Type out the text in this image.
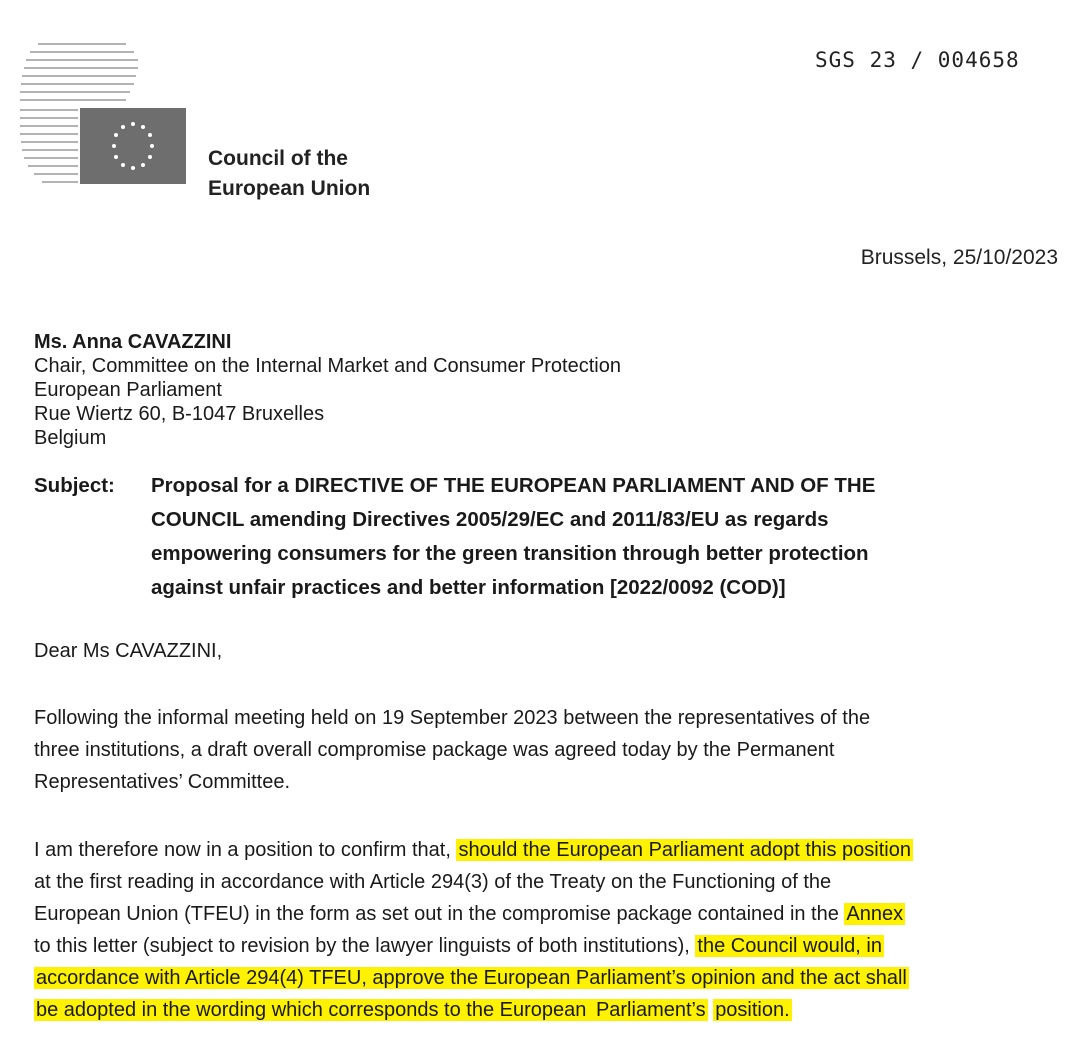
Council of the
European Union
SGS 23 / 004658
Brussels, 25/10/2023
Ms. Anna CAVAZZINI
Chair, Committee on the Internal Market and Consumer Protection
European Parliament
Rue Wiertz 60, B-1047 Bruxelles
Belgium
Subject: Proposal for a DIRECTIVE OF THE EUROPEAN PARLIAMENT AND OF THE
COUNCIL amending Directives 2005/29/EC and 2011/83/EU as regards
empowering consumers for the green transition through better protection
against unfair practices and better information [2022/0092 (COD)]
Dear Ms CAVAZZINI,
Following the informal meeting held on 19 September 2023 between the representatives of the
three institutions, a draft overall compromise package was agreed today by the Permanent
Representatives’ Committee.
I am therefore now in a position to confirm that, should the European Parliament adopt this position
at the first reading in accordance with Article 294(3) of the Treaty on the Functioning of the
European Union (TFEU) in the form as set out in the compromise package contained in the Annex
to this letter (subject to revision by the lawyer linguists of both institutions), the Council would, in
accordance with Article 294(4) TFEU, approve the European Parliament’s opinion and the act shall
be adopted in the wording which corresponds to the European Parliament’s position.
